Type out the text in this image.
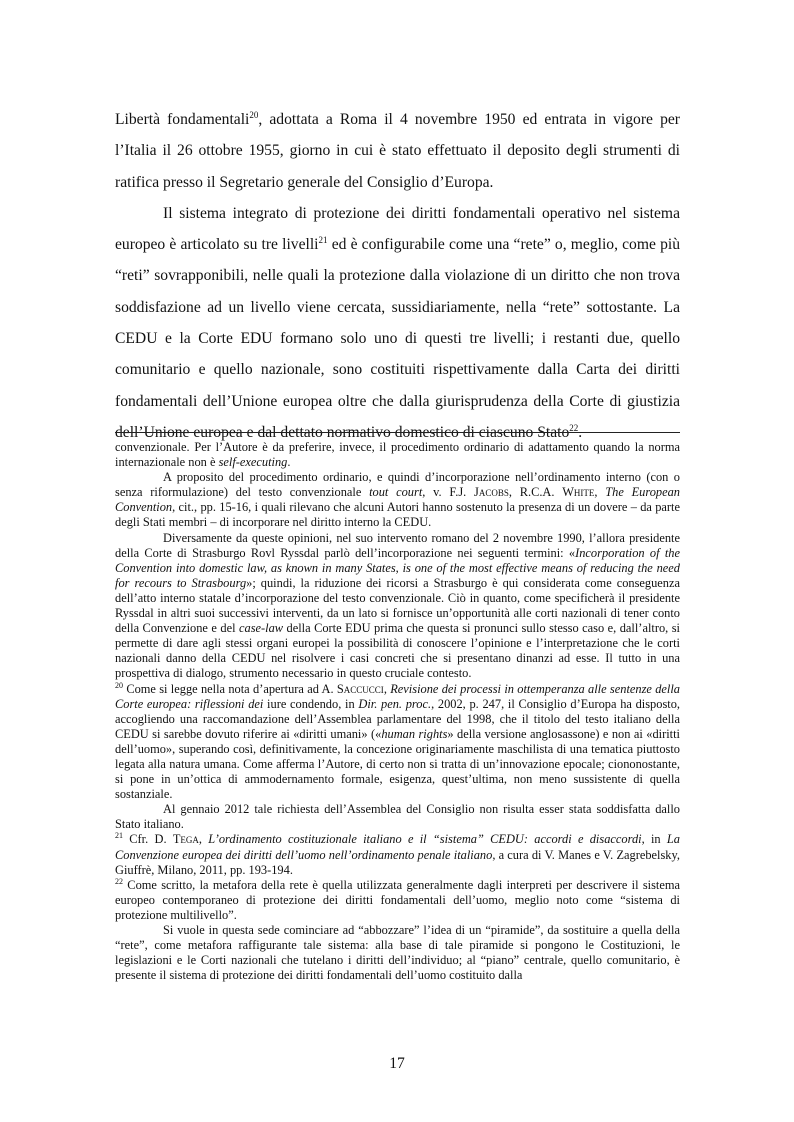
Libertà fondamentali$^{20}$, adottata a Roma il 4 novembre 1950 ed entrata in vigore per l’Italia il 26 ottobre 1955, giorno in cui è stato effettuato il deposito degli strumenti di ratifica presso il Segretario generale del Consiglio d’Europa.

Il sistema integrato di protezione dei diritti fondamentali operativo nel sistema europeo è articolato su tre livelli$^{21}$ ed è configurabile come una “rete” o, meglio, come più “reti” sovrapponibili, nelle quali la protezione dalla violazione di un diritto che non trova soddisfazione ad un livello viene cercata, sussidiariamente, nella “rete” sottostante. La CEDU e la Corte EDU formano solo uno di questi tre livelli; i restanti due, quello comunitario e quello nazionale, sono costituiti rispettivamente dalla Carta dei diritti fondamentali dell’Unione europea oltre che dalla giurisprudenza della Corte di giustizia dell’Unione europea e dal dettato normativo domestico di ciascuno Stato$^{22}$.

convenzionale. Per l’Autore è da preferire, invece, il procedimento ordinario di adattamento quando la norma internazionale non è self-executing.

A proposito del procedimento ordinario, e quindi d’incorporazione nell’ordinamento interno (con o senza riformulazione) del testo convenzionale tout court, v. F.J. Jacobs, R.C.A. White, The European Convention, cit., pp. 15-16, i quali rilevano che alcuni Autori hanno sostenuto la presenza di un dovere – da parte degli Stati membri – di incorporare nel diritto interno la CEDU.

Diversamente da queste opinioni, nel suo intervento romano del 2 novembre 1990, l’allora presidente della Corte di Strasburgo Rovl Ryssdal parlò dell’incorporazione nei seguenti termini: «Incorporation of the Convention into domestic law, as known in many States, is one of the most effective means of reducing the need for recours to Strasbourg»; quindi, la riduzione dei ricorsi a Strasburgo è qui considerata come conseguenza dell’atto interno statale d’incorporazione del testo convenzionale. Ciò in quanto, come specificherà il presidente Ryssdal in altri suoi successivi interventi, da un lato si fornisce un’opportunità alle corti nazionali di tener conto della Convenzione e del case-law della Corte EDU prima che questa si pronunci sullo stesso caso e, dall’altro, si permette di dare agli stessi organi europei la possibilità di conoscere l’opinione e l’interpretazione che le corti nazionali danno della CEDU nel risolvere i casi concreti che si presentano dinanzi ad esse. Il tutto in una prospettiva di dialogo, strumento necessario in questo cruciale contesto.

$^{20}$ Come si legge nella nota d’apertura ad A. Saccucci, Revisione dei processi in ottemperanza alle sentenze della Corte europea: riflessioni dei iure condendo, in Dir. pen. proc., 2002, p. 247, il Consiglio d’Europa ha disposto, accogliendo una raccomandazione dell’Assemblea parlamentare del 1998, che il titolo del testo italiano della CEDU si sarebbe dovuto riferire ai «diritti umani» («human rights» della versione anglosassone) e non ai «diritti dell’uomo», superando così, definitivamente, la concezione originariamente maschilista di una tematica piuttosto legata alla natura umana. Come afferma l’Autore, di certo non si tratta di un’innovazione epocale; ciononostante, si pone in un’ottica di ammodernamento formale, esigenza, quest’ultima, non meno sussistente di quella sostanziale.

Al gennaio 2012 tale richiesta dell’Assemblea del Consiglio non risulta esser stata soddisfatta dallo Stato italiano.

$^{21}$ Cfr. D. Tega, L’ordinamento costituzionale italiano e il “sistema” CEDU: accordi e disaccordi, in La Convenzione europea dei diritti dell’uomo nell’ordinamento penale italiano, a cura di V. Manes e V. Zagrebelsky, Giuffrè, Milano, 2011, pp. 193-194.

$^{22}$ Come scritto, la metafora della rete è quella utilizzata generalmente dagli interpreti per descrivere il sistema europeo contemporaneo di protezione dei diritti fondamentali dell’uomo, meglio noto come “sistema di protezione multilivello”.

Si vuole in questa sede cominciare ad “abbozzare” l’idea di un “piramide”, da sostituire a quella della “rete”, come metafora raffigurante tale sistema: alla base di tale piramide si pongono le Costituzioni, le legislazioni e le Corti nazionali che tutelano i diritti dell’individuo; al “piano” centrale, quello comunitario, è presente il sistema di protezione dei diritti fondamentali dell’uomo costituito dalla

17
